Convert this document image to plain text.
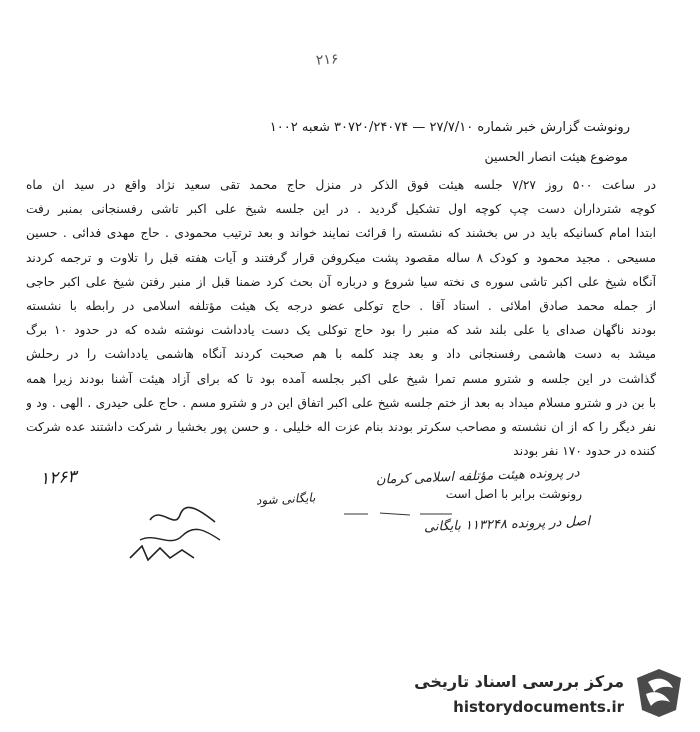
۲۱۶
رونوشت گزارش خبر شماره ۲۷/۷/۱۰ — ۳۰۷۲۰/۲۴۰۷۴ شعبه ۱۰۰۲
موضوع هیئت انصار الحسین
در ساعت ۵۰۰ روز ۷/۲۷ جلسه هیئت فوق الذکر در منزل حاج محمد تقی سعید نژاد واقع در سید ان ماه
کوچه شترداران دست چپ کوچه اول تشکیل گردید . در این جلسه شیخ علی اکبر تاشی رفسنجانی بمنبر رفت
ابتدا امام کسانیکه باید در س بخشند که نشسته را قرائت نمایند خواند و بعد ترتیب محمودی . حاج مهدی فدائی . حسین
مسیحی . مجید محمود و کودک ۸ ساله مقصود پشت میکروفن قرار گرفتند و آیات هفته قبل را تلاوت و ترجمه کردند
آنگاه شیخ علی اکبر تاشی سوره ی نخته سیا شروع و درباره آن بحث کرد ضمنا قبل از منبر رفتن شیخ علی اکبر حاجی
از جمله محمد صادق املائی . استاد آقا . حاج توکلی عضو درجه یک هیئت مؤتلفه اسلامی در رابطه با نشسته
بودند ناگهان صدای یا علی بلند شد که منبر را بود حاج توکلی یک دست یادداشت نوشته شده که در حدود ۱۰ برگ
میشد به دست هاشمی رفسنجانی داد و بعد چند کلمه با هم صحبت کردند آنگاه هاشمی یادداشت را در رحلش
گذاشت در این جلسه و شترو مسم تمرا شیخ علی اکبر بجلسه آمده بود تا که برای آزاد هیئت آشنا بودند زیرا همه
با بن در و شترو مسلام میداد به بعد از ختم جلسه شیخ علی اکبر اتفاق این در و شترو مسم . حاج علی حیدری . الهی . ود و
نفر دیگر را که از ان نشسته و مصاحب سکرتر بودند بنام عزت اله خلیلی . و حسن پور بخشیا ر شرکت داشتند عده شرکت
کننده در حدود ۱۷۰ نفر بودند
رونوشت برابر با اصل است
در پرونده هیئت مؤتلفه اسلامی کرمان
۱۲۶۳
بایگانی شود
اصل در پرونده ۱۱۳۲۴۸ بایگانی
مرکز بررسی اسناد تاریخی
historydocuments.ir
